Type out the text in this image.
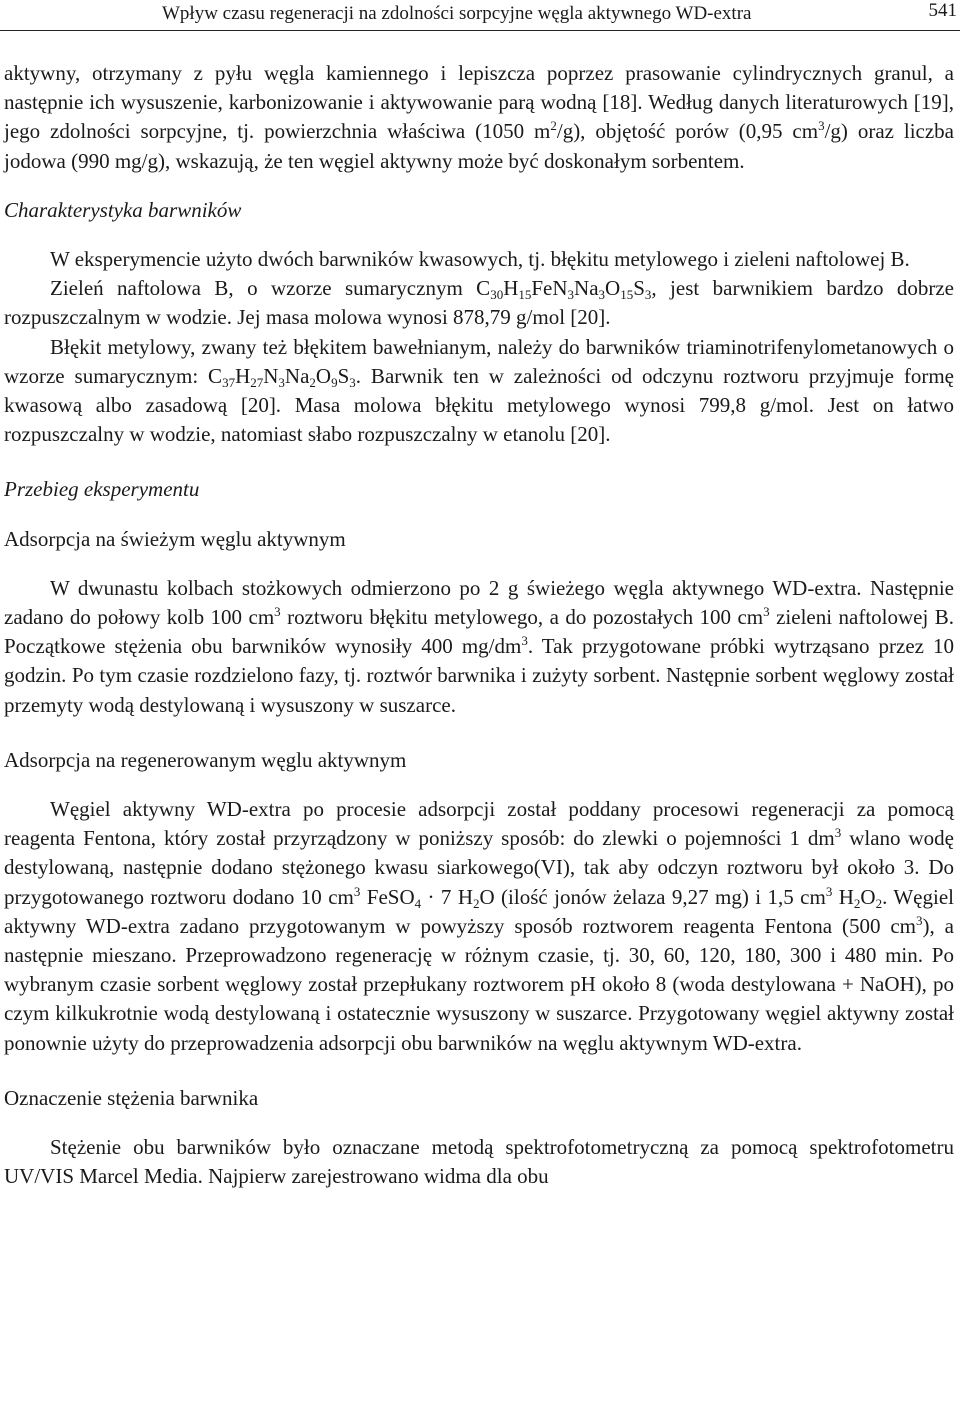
Wpływ czasu regeneracji na zdolności sorpcyjne węgla aktywnego WD-extra	541

aktywny, otrzymany z pyłu węgla kamiennego i lepiszcza poprzez prasowanie cylindrycznych granul, a następnie ich wysuszenie, karbonizowanie i aktywowanie parą wodną [18]. Według danych literaturowych [19], jego zdolności sorpcyjne, tj. powierzchnia właściwa (1050 $m^2/g$), objętość porów (0,95 $cm^3/g$) oraz liczba jodowa (990 mg/g), wskazują, że ten węgiel aktywny może być doskonałym sorbentem.

Charakterystyka barwników

W eksperymencie użyto dwóch barwników kwasowych, tj. błękitu metylowego i zieleni naftolowej B.

Zieleń naftolowa B, o wzorze sumarycznym $C_{30}H_{15}FeN_3Na_3O_{15}S_3$, jest barwnikiem bardzo dobrze rozpuszczalnym w wodzie. Jej masa molowa wynosi 878,79 g/mol [20].

Błękit metylowy, zwany też błękitem bawełnianym, należy do barwników triaminotrifenylometanowych o wzorze sumarycznym: $C_{37}H_{27}N_3Na_2O_9S_3$. Barwnik ten w zależności od odczynu roztworu przyjmuje formę kwasową albo zasadową [20]. Masa molowa błękitu metylowego wynosi 799,8 g/mol. Jest on łatwo rozpuszczalny w wodzie, natomiast słabo rozpuszczalny w etanolu [20].

Przebieg eksperymentu
Adsorpcja na świeżym węglu aktywnym

W dwunastu kolbach stożkowych odmierzono po 2 g świeżego węgla aktywnego WD-extra. Następnie zadano do połowy kolb 100 $cm^3$ roztworu błękitu metylowego, a do pozostałych 100 $cm^3$ zieleni naftolowej B. Początkowe stężenia obu barwników wynosiły 400 $mg/dm^3$. Tak przygotowane próbki wytrząsano przez 10 godzin. Po tym czasie rozdzielono fazy, tj. roztwór barwnika i zużyty sorbent. Następnie sorbent węglowy został przemyty wodą destylowaną i wysuszony w suszarce.

Adsorpcja na regenerowanym węglu aktywnym

Węgiel aktywny WD-extra po procesie adsorpcji został poddany procesowi regeneracji za pomocą reagenta Fentona, który został przyrządzony w poniższy sposób: do zlewki o pojemności 1 $dm^3$ wlano wodę destylowaną, następnie dodano stężonego kwasu siarkowego(VI), tak aby odczyn roztworu był około 3. Do przygotowanego roztworu dodano 10 $cm^3$ FeSO$_4$ · 7 $H_2O$ (ilość jonów żelaza 9,27 mg) i 1,5 $cm^3$ $H_2O_2$. Węgiel aktywny WD-extra zadano przygotowanym w powyższy sposób roztworem reagenta Fentona (500 $cm^3$), a następnie mieszano. Przeprowadzono regenerację w różnym czasie, tj. 30, 60, 120, 180, 300 i 480 min. Po wybranym czasie sorbent węglowy został przepłukany roztworem pH około 8 (woda destylowana + NaOH), po czym kilkukrotnie wodą destylowaną i ostatecznie wysuszony w suszarce. Przygotowany węgiel aktywny został ponownie użyty do przeprowadzenia adsorpcji obu barwników na węglu aktywnym WD-extra.

Oznaczenie stężenia barwnika

Stężenie obu barwników było oznaczane metodą spektrofotometryczną za pomocą spektrofotometru UV/VIS Marcel Media. Najpierw zarejestrowano widma dla obu
